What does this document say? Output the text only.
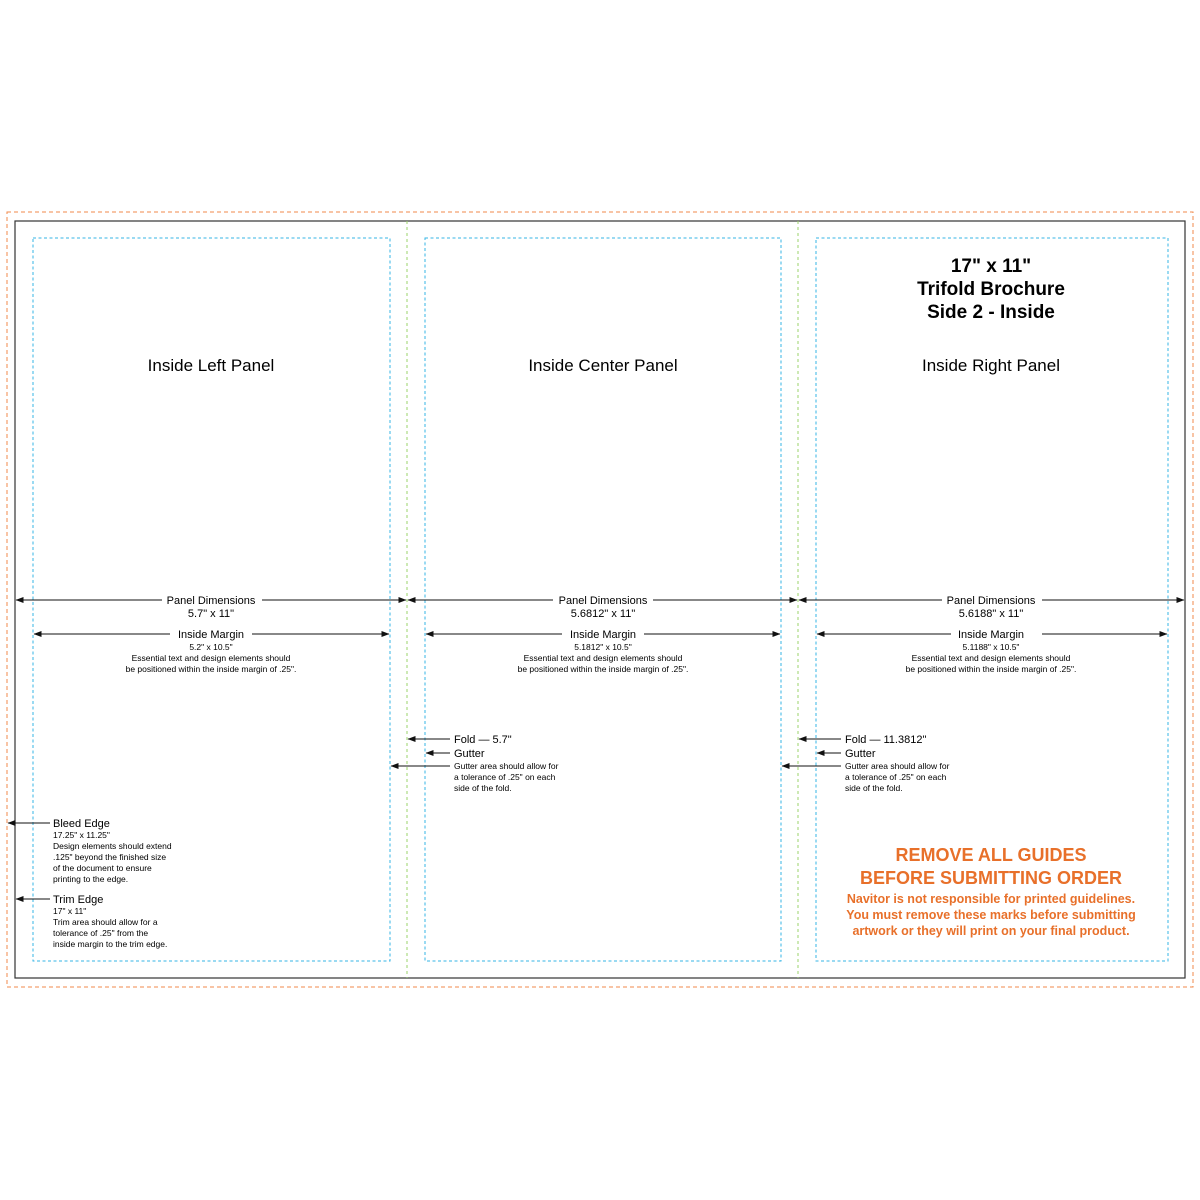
17" x 11"
Trifold Brochure
Side 2 - Inside
Inside Left Panel	Inside Center Panel	Inside Right Panel
Panel Dimensions
5.7" x 11"
Inside Margin
5.2" x 10.5"
Essential text and design elements should
be positioned within the inside margin of .25".
Panel Dimensions
5.6812" x 11"
Inside Margin
5.1812" x 10.5"
Essential text and design elements should
be positioned within the inside margin of .25".
Panel Dimensions
5.6188" x 11"
Inside Margin
5.1188" x 10.5"
Essential text and design elements should
be positioned within the inside margin of .25".
Fold — 5.7"
Gutter
Gutter area should allow for
a tolerance of .25" on each
side of the fold.
Fold — 11.3812"
Gutter
Gutter area should allow for
a tolerance of .25" on each
side of the fold.
Bleed Edge
17.25" x 11.25"
Design elements should extend
.125" beyond the finished size
of the document to ensure
printing to the edge.
Trim Edge
17" x 11"
Trim area should allow for a
tolerance of .25" from the
inside margin to the trim edge.
REMOVE ALL GUIDES
BEFORE SUBMITTING ORDER
Navitor is not responsible for printed guidelines.
You must remove these marks before submitting
artwork or they will print on your final product.
